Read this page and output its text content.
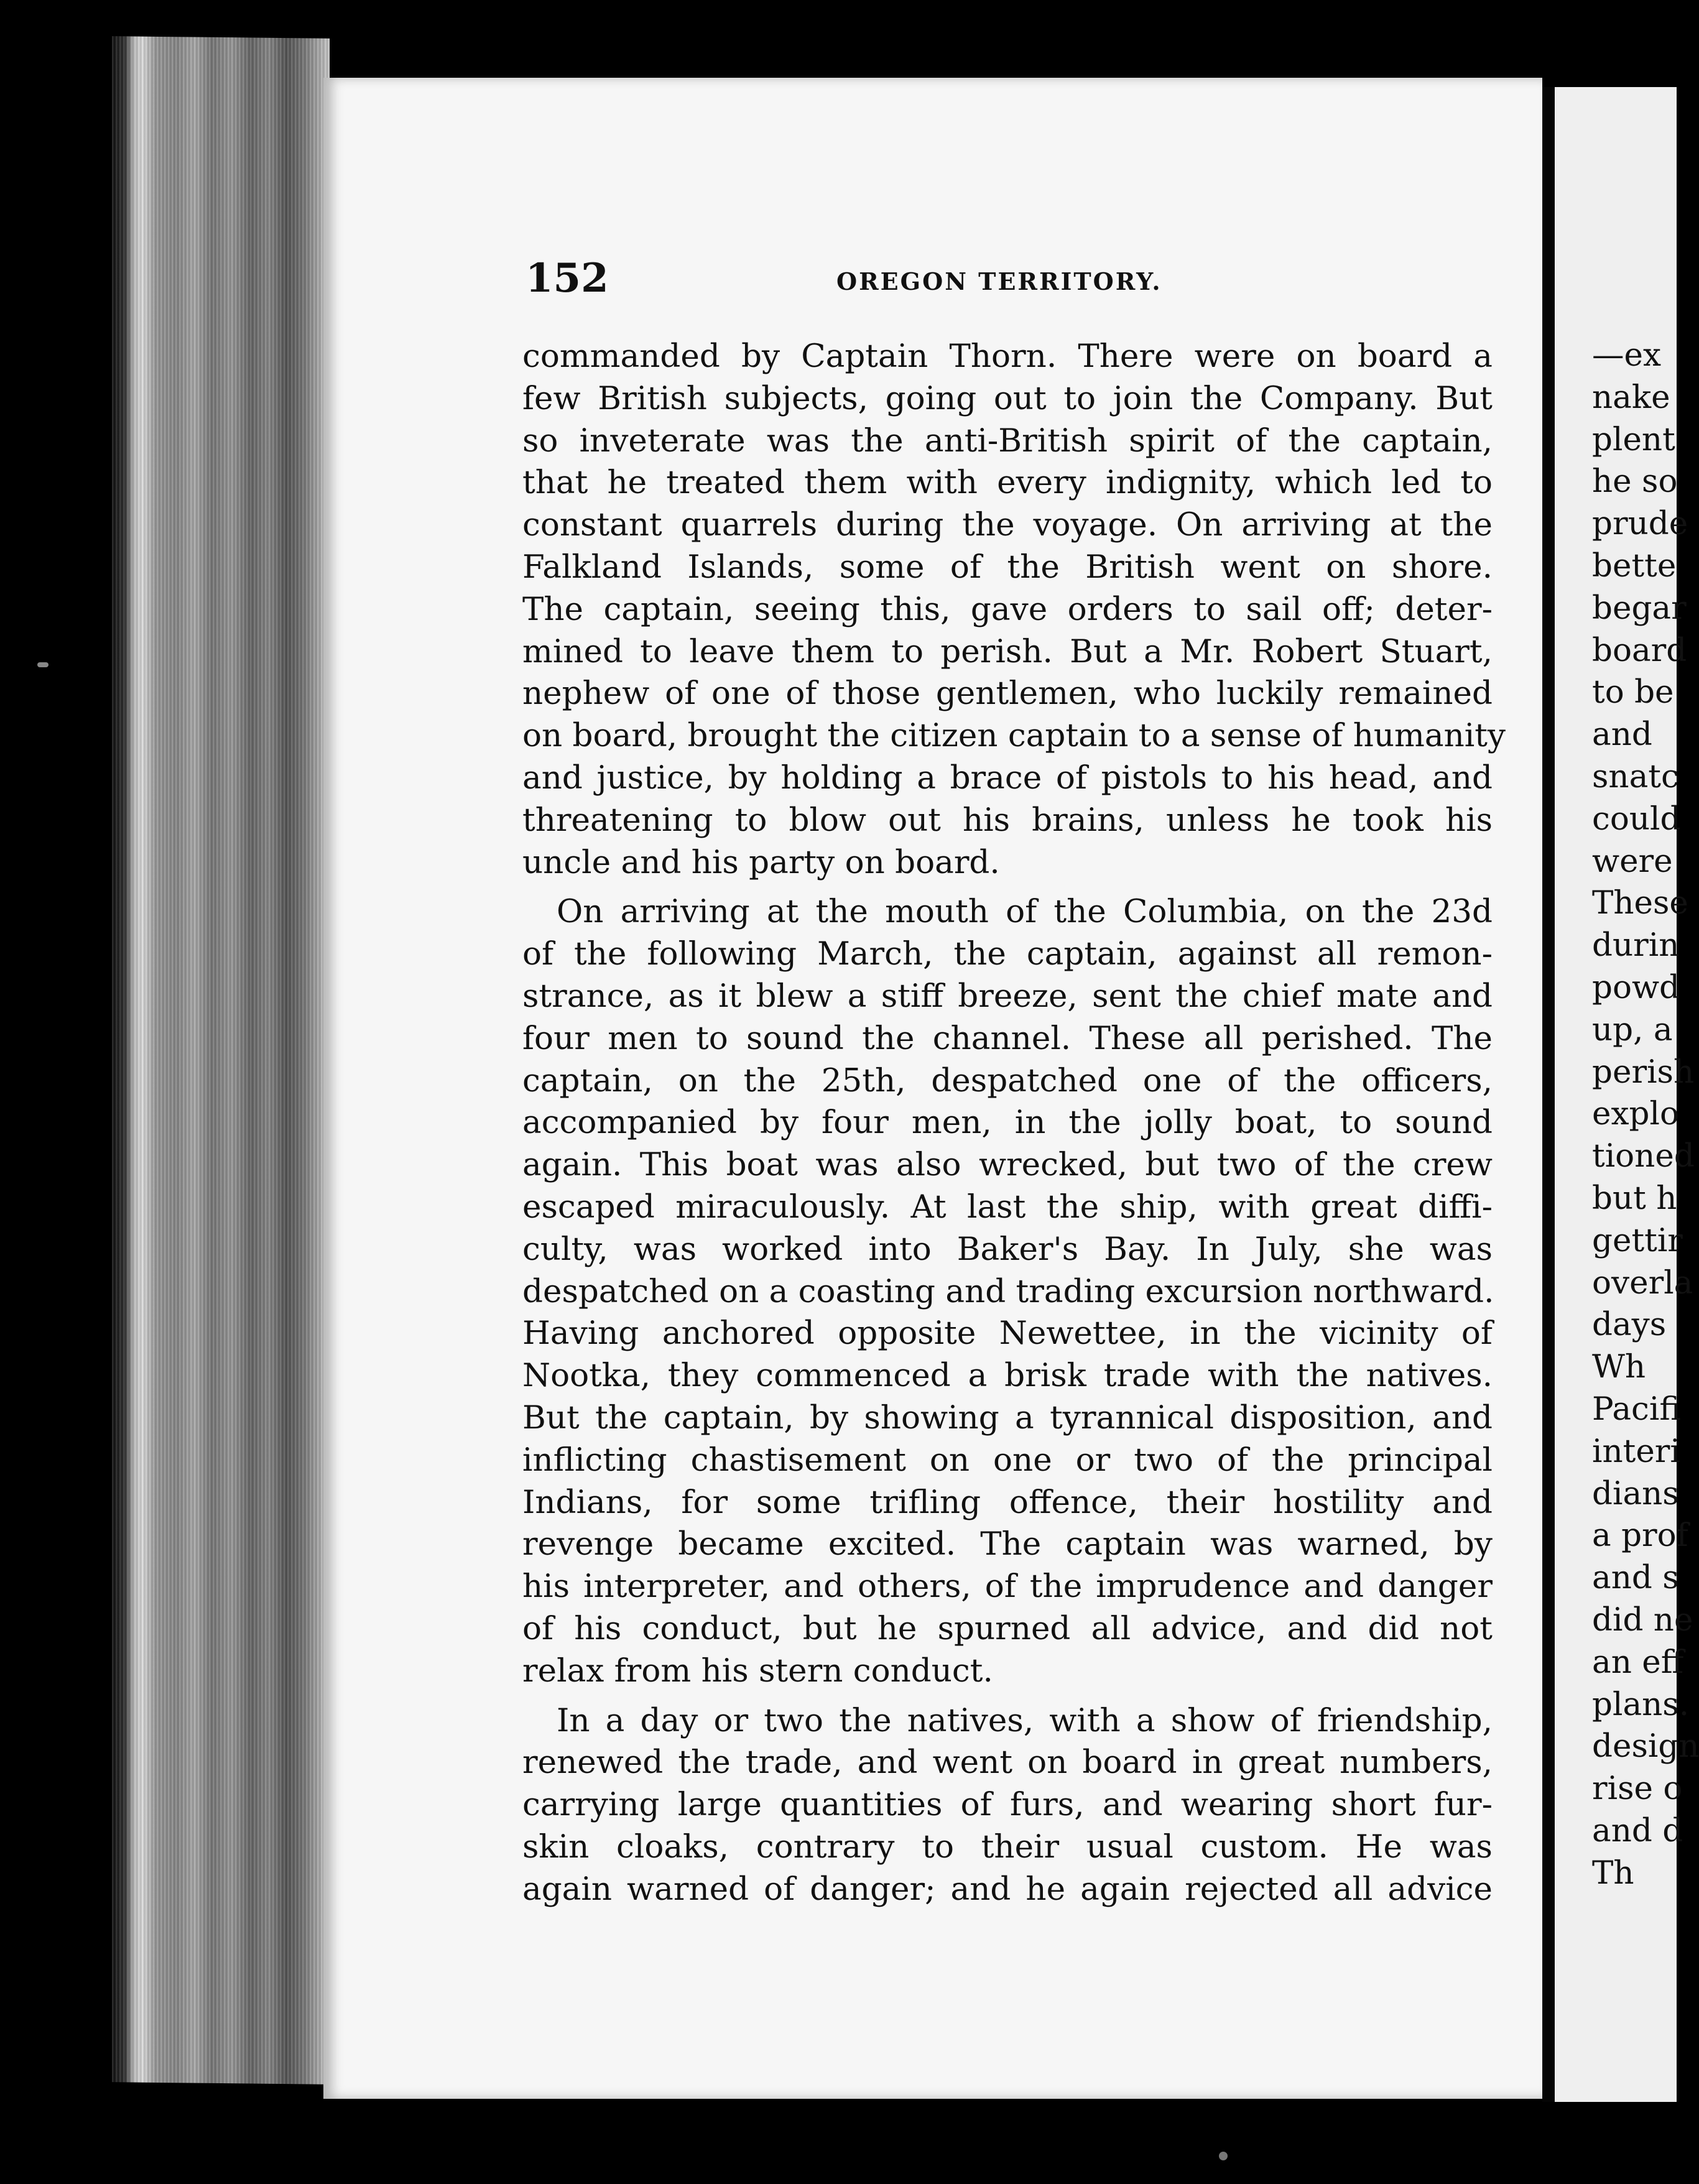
152	OREGON TERRITORY.
commanded by Captain Thorn. There were on board a
few British subjects, going out to join the Company. But
so inveterate was the anti-British spirit of the captain,
that he treated them with every indignity, which led to
constant quarrels during the voyage. On arriving at the
Falkland Islands, some of the British went on shore.
The captain, seeing this, gave orders to sail off; deter-
mined to leave them to perish. But a Mr. Robert Stuart,
nephew of one of those gentlemen, who luckily remained
on board, brought the citizen captain to a sense of humanity
and justice, by holding a brace of pistols to his head, and
threatening to blow out his brains, unless he took his
uncle and his party on board.
On arriving at the mouth of the Columbia, on the 23d
of the following March, the captain, against all remon-
strance, as it blew a stiff breeze, sent the chief mate and
four men to sound the channel. These all perished. The
captain, on the 25th, despatched one of the officers,
accompanied by four men, in the jolly boat, to sound
again. This boat was also wrecked, but two of the crew
escaped miraculously. At last the ship, with great diffi-
culty, was worked into Baker's Bay. In July, she was
despatched on a coasting and trading excursion northward.
Having anchored opposite Newettee, in the vicinity of
Nootka, they commenced a brisk trade with the natives.
But the captain, by showing a tyrannical disposition, and
inflicting chastisement on one or two of the principal
Indians, for some trifling offence, their hostility and
revenge became excited. The captain was warned, by
his interpreter, and others, of the imprudence and danger
of his conduct, but he spurned all advice, and did not
relax from his stern conduct.
In a day or two the natives, with a show of friendship,
renewed the trade, and went on board in great numbers,
carrying large quantities of furs, and wearing short fur-
skin cloaks, contrary to their usual custom. He was
again warned of danger; and he again rejected all advice
—ex
nake
plent
he so
prude
bette
begar
board
to be
and
snatc
could
were
These
durin
powd
up, a
perish
explo
tioned
but h
gettir
overla
days
Wh
Pacifi
interi
dians
a prof
and s
did ne
an eff
plans.
design
rise o
and d
Th
